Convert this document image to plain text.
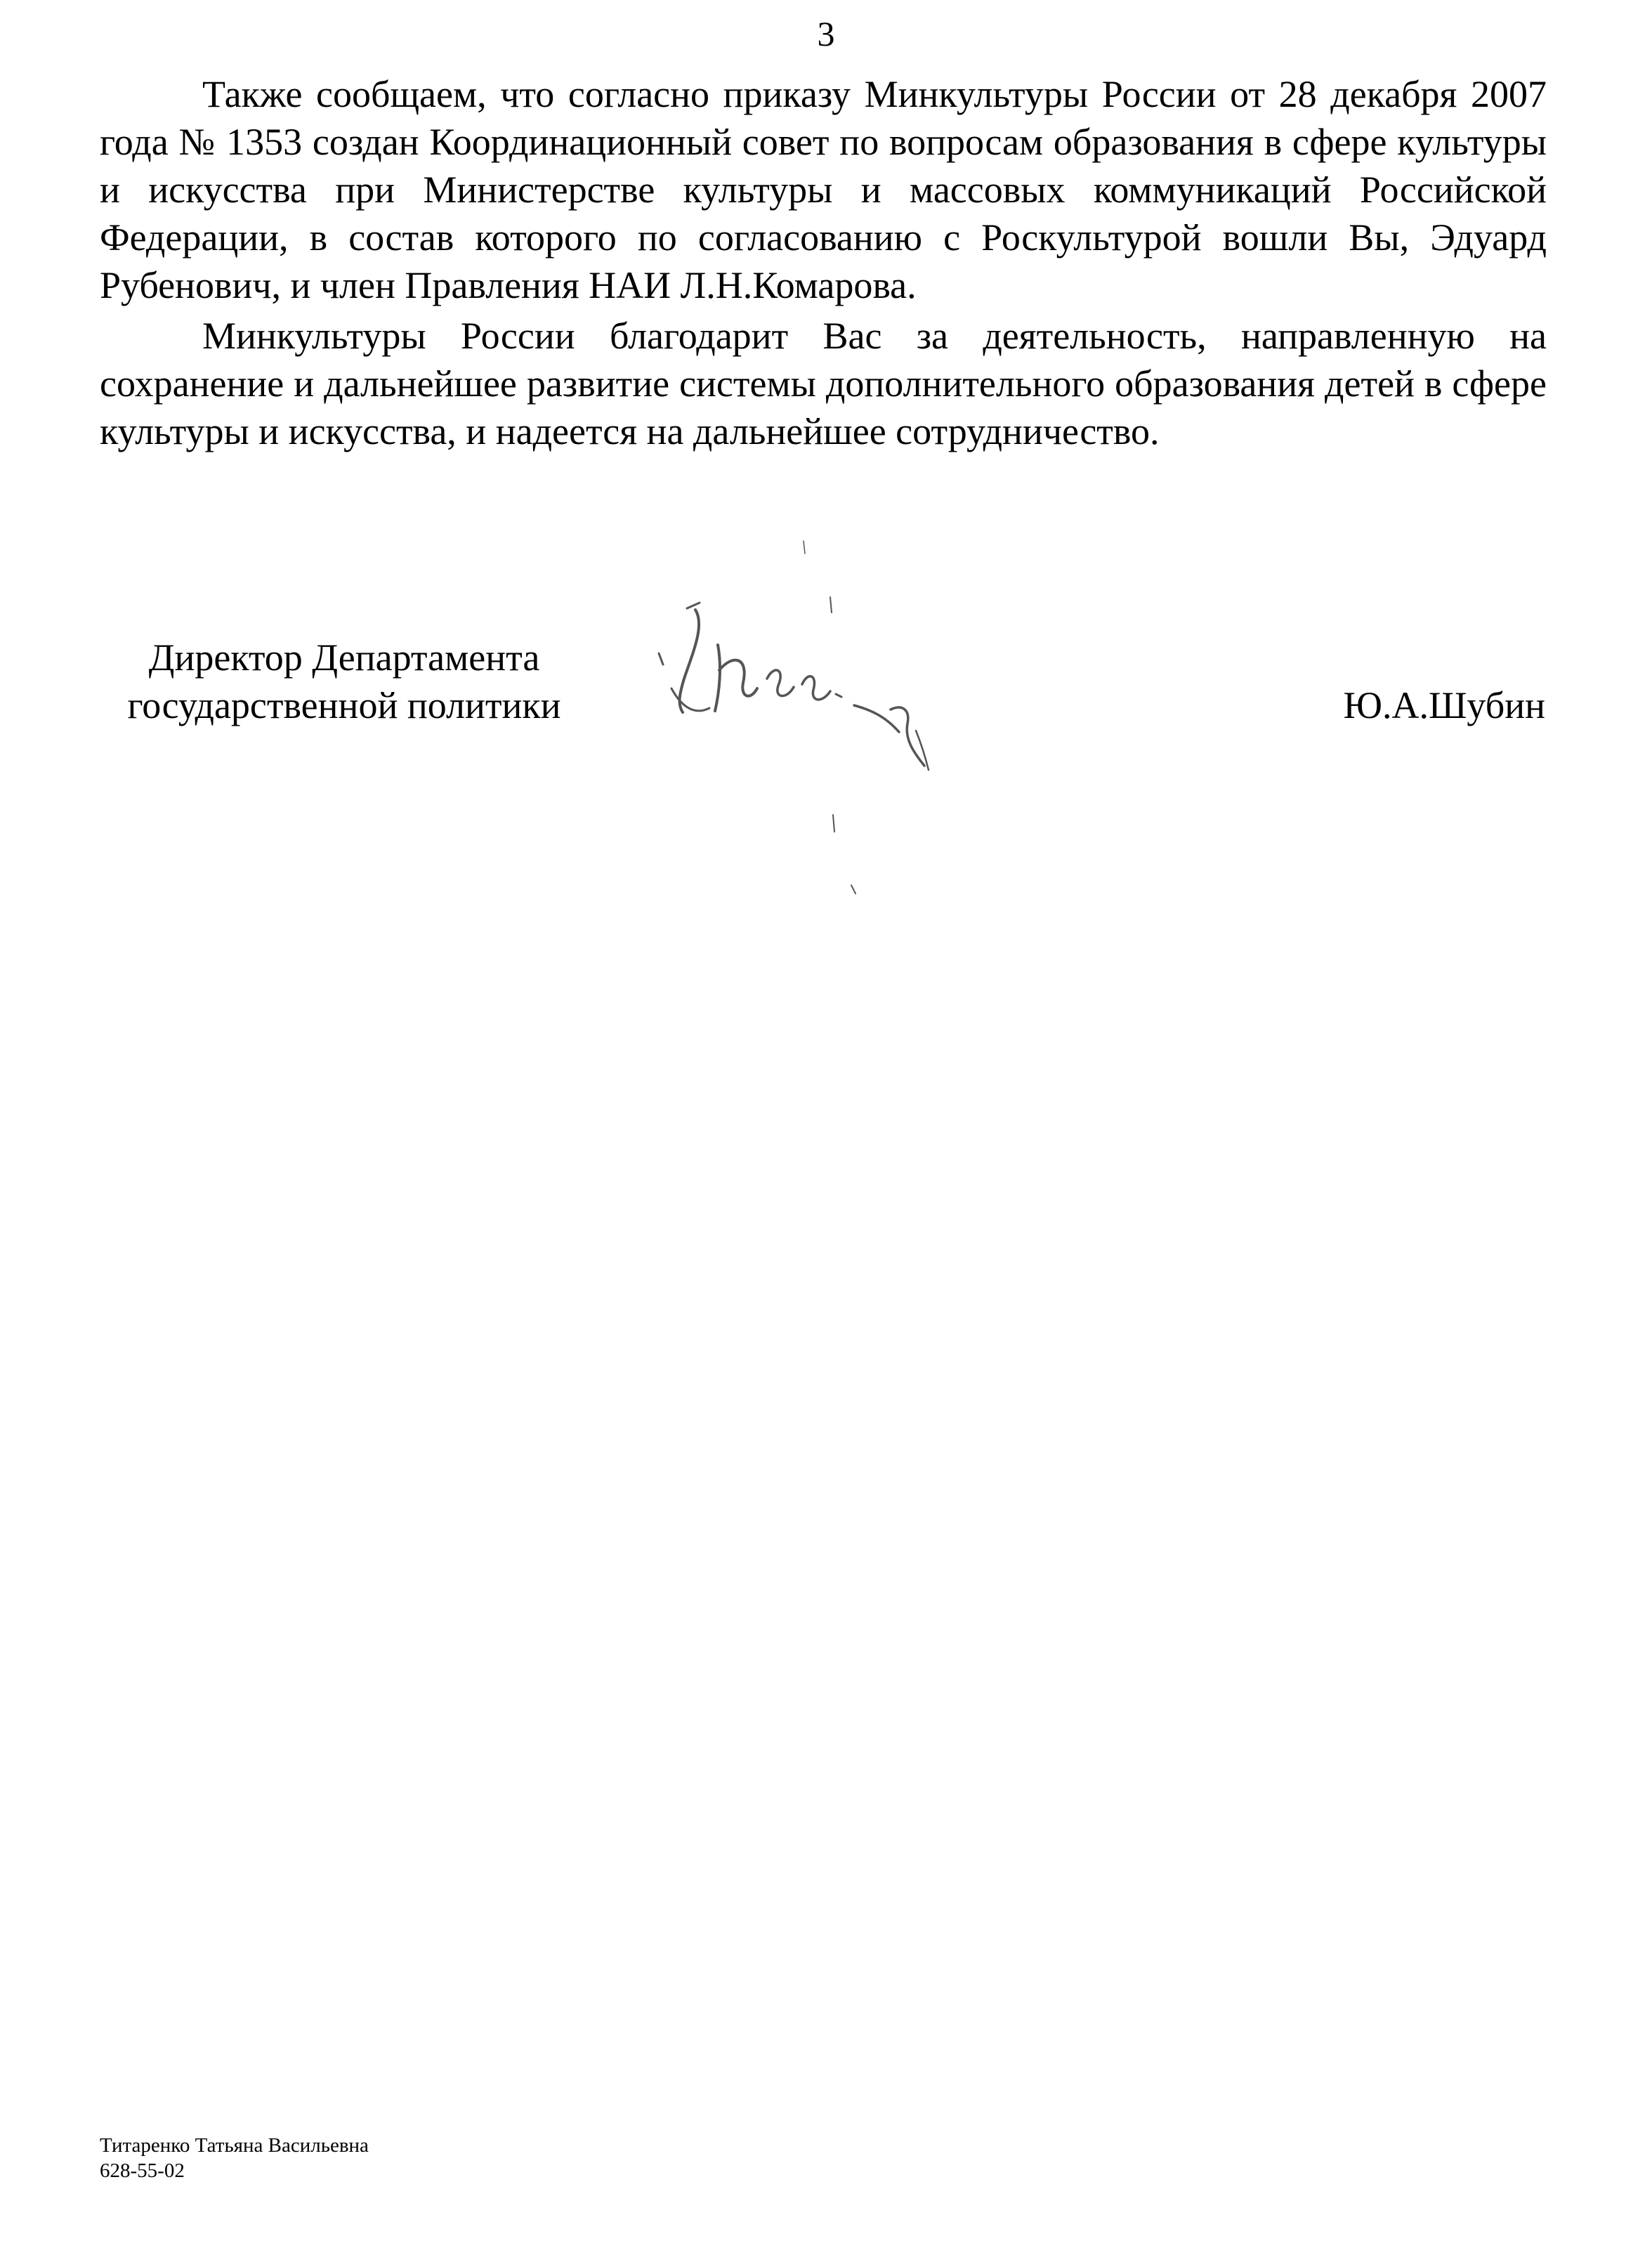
3

Также сообщаем, что согласно приказу Минкультуры России от 28 декабря 2007 года № 1353 создан Координационный совет по вопросам образования в сфере культуры и искусства при Министерстве культуры и массовых коммуникаций Российской Федерации, в состав которого по согласованию с Роскультурой вошли Вы, Эдуард Рубенович, и член Правления НАИ Л.Н.Комарова.

Минкультуры России благодарит Вас за деятельность, направленную на сохранение и дальнейшее развитие системы дополнительного образования детей в сфере культуры и искусства, и надеется на дальнейшее сотрудничество.

Директор Департамента
государственной политики	Ю.А.Шубин
Титаренко Татьяна Васильевна
628-55-02
